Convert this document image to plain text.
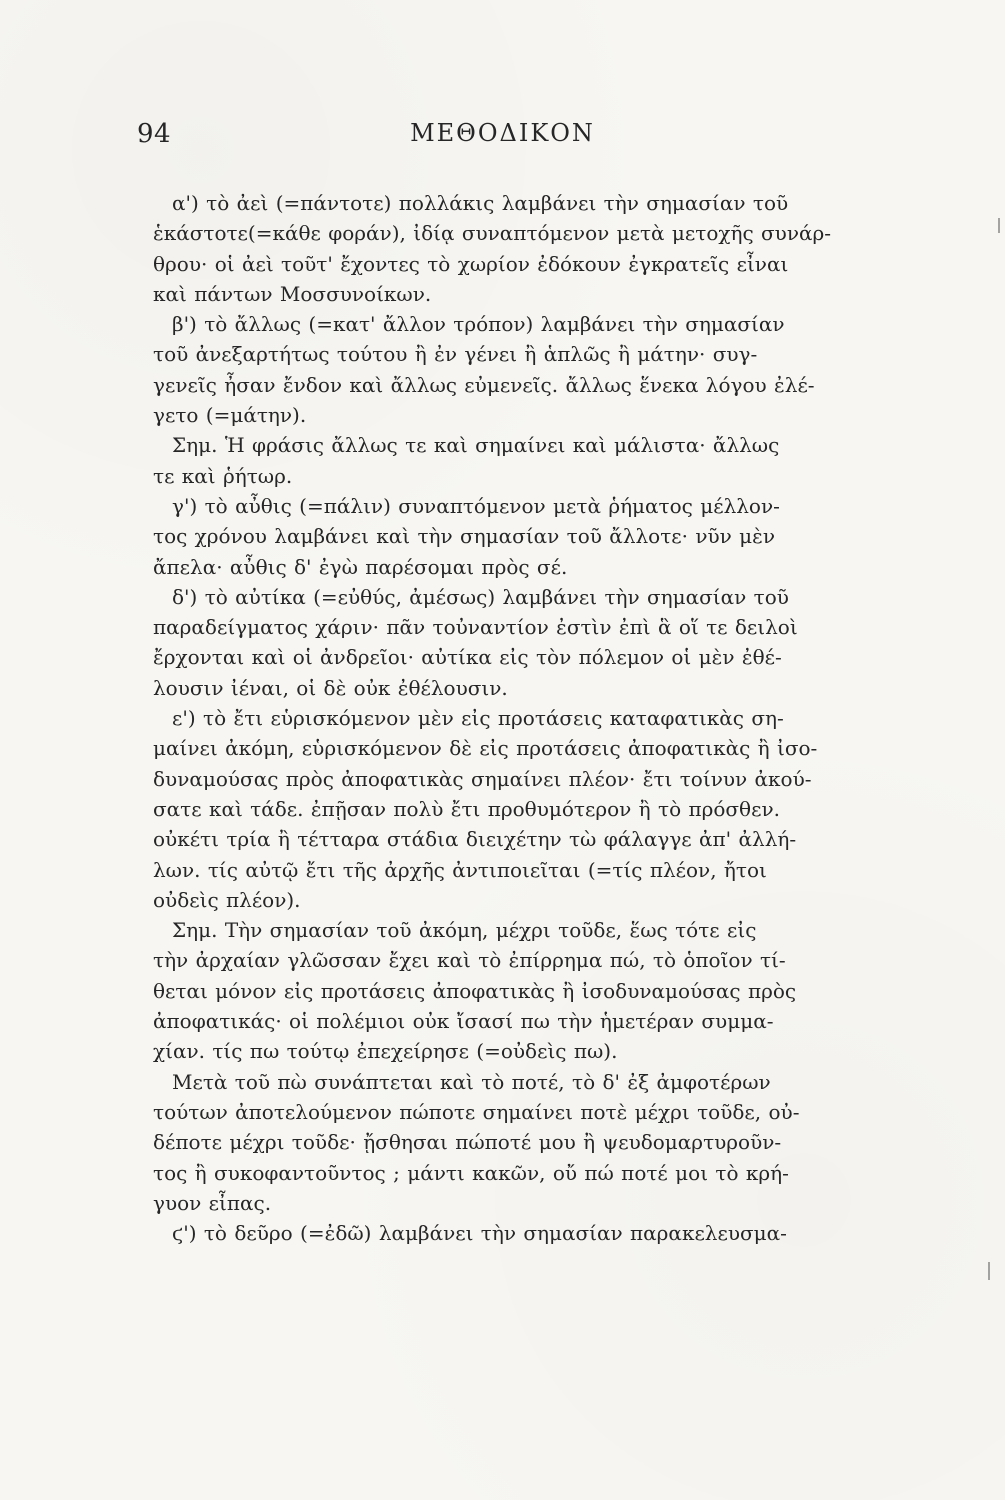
94	ΜΕΘΟΔΙΚΟΝ
α') τὸ ἀεὶ (=πάντοτε) πολλάκις λαμβάνει τὴν σημασίαν τοῦ
ἑκάστοτε(=κάθε φοράν), ἰδίᾳ συναπτόμενον μετὰ μετοχῆς συνάρ-
θρου· οἱ ἀεὶ τοῦτ' ἔχοντες τὸ χωρίον ἐδόκουν ἐγκρατεῖς εἶναι
καὶ πάντων Μοσσυνοίκων.
β') τὸ ἄλλως (=κατ' ἄλλον τρόπον) λαμβάνει τὴν σημασίαν
τοῦ ἀνεξαρτήτως τούτου ἢ ἐν γένει ἢ ἁπλῶς ἢ μάτην· συγ-
γενεῖς ἦσαν ἔνδον καὶ ἄλλως εὐμενεῖς. ἄλλως ἕνεκα λόγου ἐλέ-
γετο (=μάτην).
Σημ. Ἡ φράσις ἄλλως τε καὶ σημαίνει καὶ μάλιστα· ἄλλως
τε καὶ ῥήτωρ.
γ') τὸ αὖθις (=πάλιν) συναπτόμενον μετὰ ῥήματος μέλλον-
τος χρόνου λαμβάνει καὶ τὴν σημασίαν τοῦ ἄλλοτε· νῦν μὲν
ἄπελα· αὖθις δ' ἐγὼ παρέσομαι πρὸς σέ.
δ') τὸ αὐτίκα (=εὐθύς, ἀμέσως) λαμβάνει τὴν σημασίαν τοῦ
παραδείγματος χάριν· πᾶν τοὐναντίον ἐστὶν ἐπὶ ἃ οἵ τε δειλοὶ
ἔρχονται καὶ οἱ ἀνδρεῖοι· αὐτίκα εἰς τὸν πόλεμον οἱ μὲν ἐθέ-
λουσιν ἰέναι, οἱ δὲ οὐκ ἐθέλουσιν.
ε') τὸ ἔτι εὑρισκόμενον μὲν εἰς προτάσεις καταφατικὰς ση-
μαίνει ἀκόμη, εὑρισκόμενον δὲ εἰς προτάσεις ἀποφατικὰς ἢ ἰσο-
δυναμούσας πρὸς ἀποφατικὰς σημαίνει πλέον· ἔτι τοίνυν ἀκού-
σατε καὶ τάδε. ἐπῇσαν πολὺ ἔτι προθυμότερον ἢ τὸ πρόσθεν.
οὐκέτι τρία ἢ τέτταρα στάδια διειχέτην τὼ φάλαγγε ἀπ' ἀλλή-
λων. τίς αὐτῷ ἔτι τῆς ἀρχῆς ἀντιποιεῖται (=τίς πλέον, ἤτοι
οὐδεὶς πλέον).
Σημ. Τὴν σημασίαν τοῦ ἀκόμη, μέχρι τοῦδε, ἕως τότε εἰς
τὴν ἀρχαίαν γλῶσσαν ἔχει καὶ τὸ ἐπίρρημα πώ, τὸ ὁποῖον τί-
θεται μόνον εἰς προτάσεις ἀποφατικὰς ἢ ἰσοδυναμούσας πρὸς
ἀποφατικάς· οἱ πολέμιοι οὐκ ἴσασί πω τὴν ἡμετέραν συμμα-
χίαν. τίς πω τούτῳ ἐπεχείρησε (=οὐδεὶς πω).
Μετὰ τοῦ πὼ συνάπτεται καὶ τὸ ποτέ, τὸ δ' ἐξ ἀμφοτέρων
τούτων ἀποτελούμενον πώποτε σημαίνει ποτὲ μέχρι τοῦδε, οὐ-
δέποτε μέχρι τοῦδε· ᾔσθησαι πώποτέ μου ἢ ψευδομαρτυροῦν-
τος ἢ συκοφαντοῦντος ; μάντι κακῶν, οὔ πώ ποτέ μοι τὸ κρή-
γυον εἶπας.
ϛ') τὸ δεῦρο (=ἐδῶ) λαμβάνει τὴν σημασίαν παρακελευσμα-
